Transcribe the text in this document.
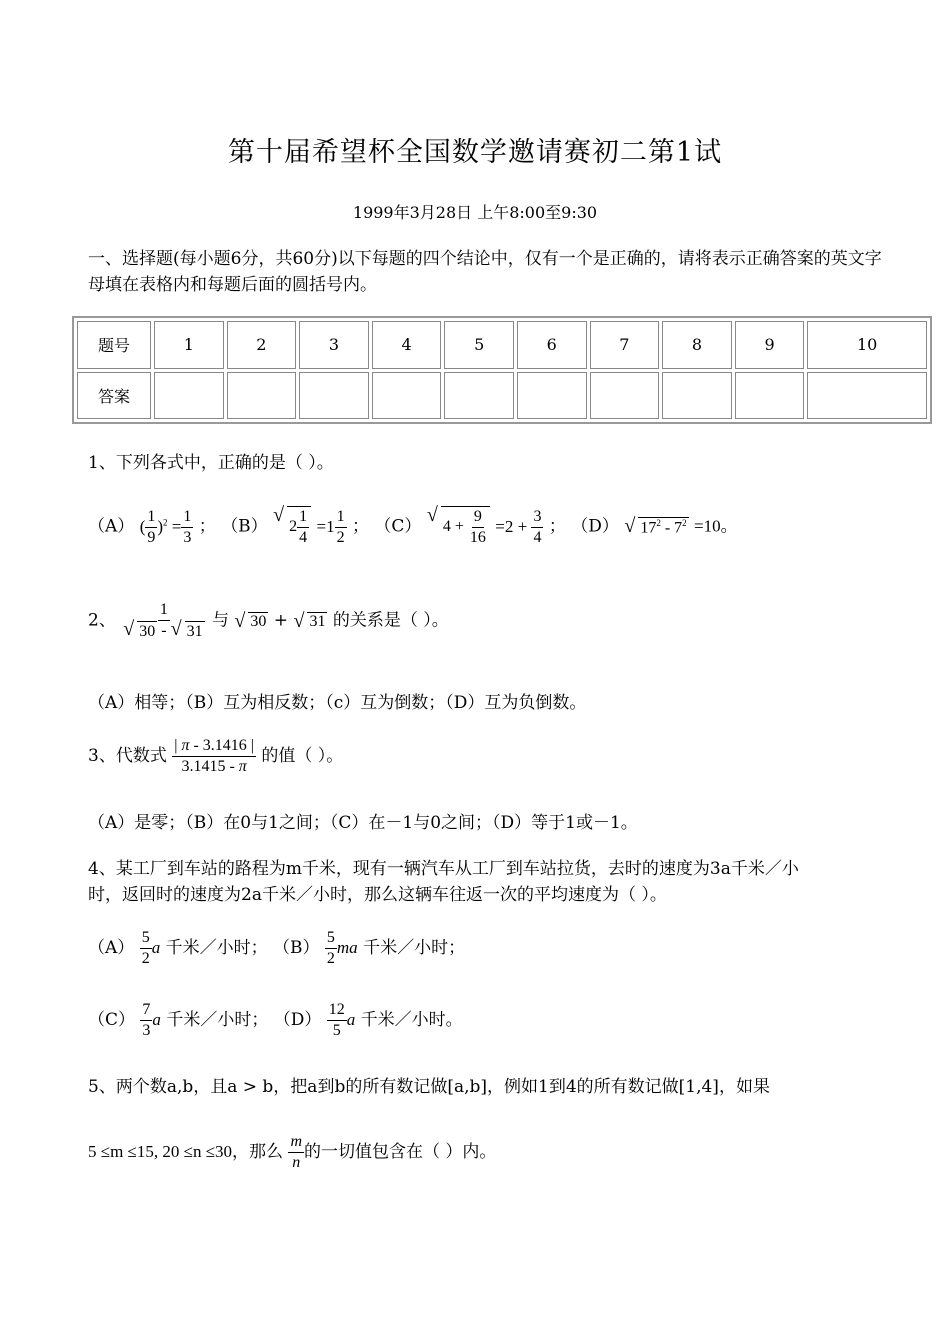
第十届希望杯全国数学邀请赛初二第1试
1999年3月28日 上午8:00至9:30
一、选择题(每小题6分，共60分)以下每题的四个结论中，仅有一个是正确的，请将表示正确答案的英文字母填在表格内和每题后面的圆括号内。
题号	1	2	3	4	5	6	7	8	9	10
答案										
1、下列各式中，正确的是（ ）。
（A） ( $\frac{1}{9} )^2 = \frac{1}{3}$ ； （B）
√
$2 \frac{1}{4} =1 \frac{1}{2}$ ； （C）
√
$4 + \frac{9}{16} =2 + \frac{3}{4}$ ； （D） √ $17^2 - 7^2 =10$。
2、 $\frac{1}{√ 30 - √ 31}$ 与 √ 30 + √ 31 的关系是（ ）。
（A）相等；（B）互为相反数；（c）互为倒数；（D）互为负倒数。
3、代数式 $\frac{| \pi - 3.1416 |}{3.1415 - \pi}$ 的值（ ）。
（A）是零；（B）在0与1之间；（C）在－1与0之间；（D）等于1或－1。
4、某工厂到车站的路程为m千米，现有一辆汽车从工厂到车站拉货，去时的速度为3a千米／小
时，返回时的速度为2a千米／小时，那么这辆车往返一次的平均速度为（ ）。
$(A) \frac{5}{2}$ a 千米／小时； $(B) \frac{5}{2}$ ma 千米／小时；
$(C) \frac{7}{3}$ a 千米／小时； $(D) \frac{12}{5}$ a 千米／小时。
5、两个数a,b，且a > b，把a到b的所有数记做[a,b]，例如1到4的所有数记做[1,4]，如果
5 ≤m ≤15, 20 ≤n ≤30，那么 $\frac{m}{n}$ 的一切值包含在（ ）内。
